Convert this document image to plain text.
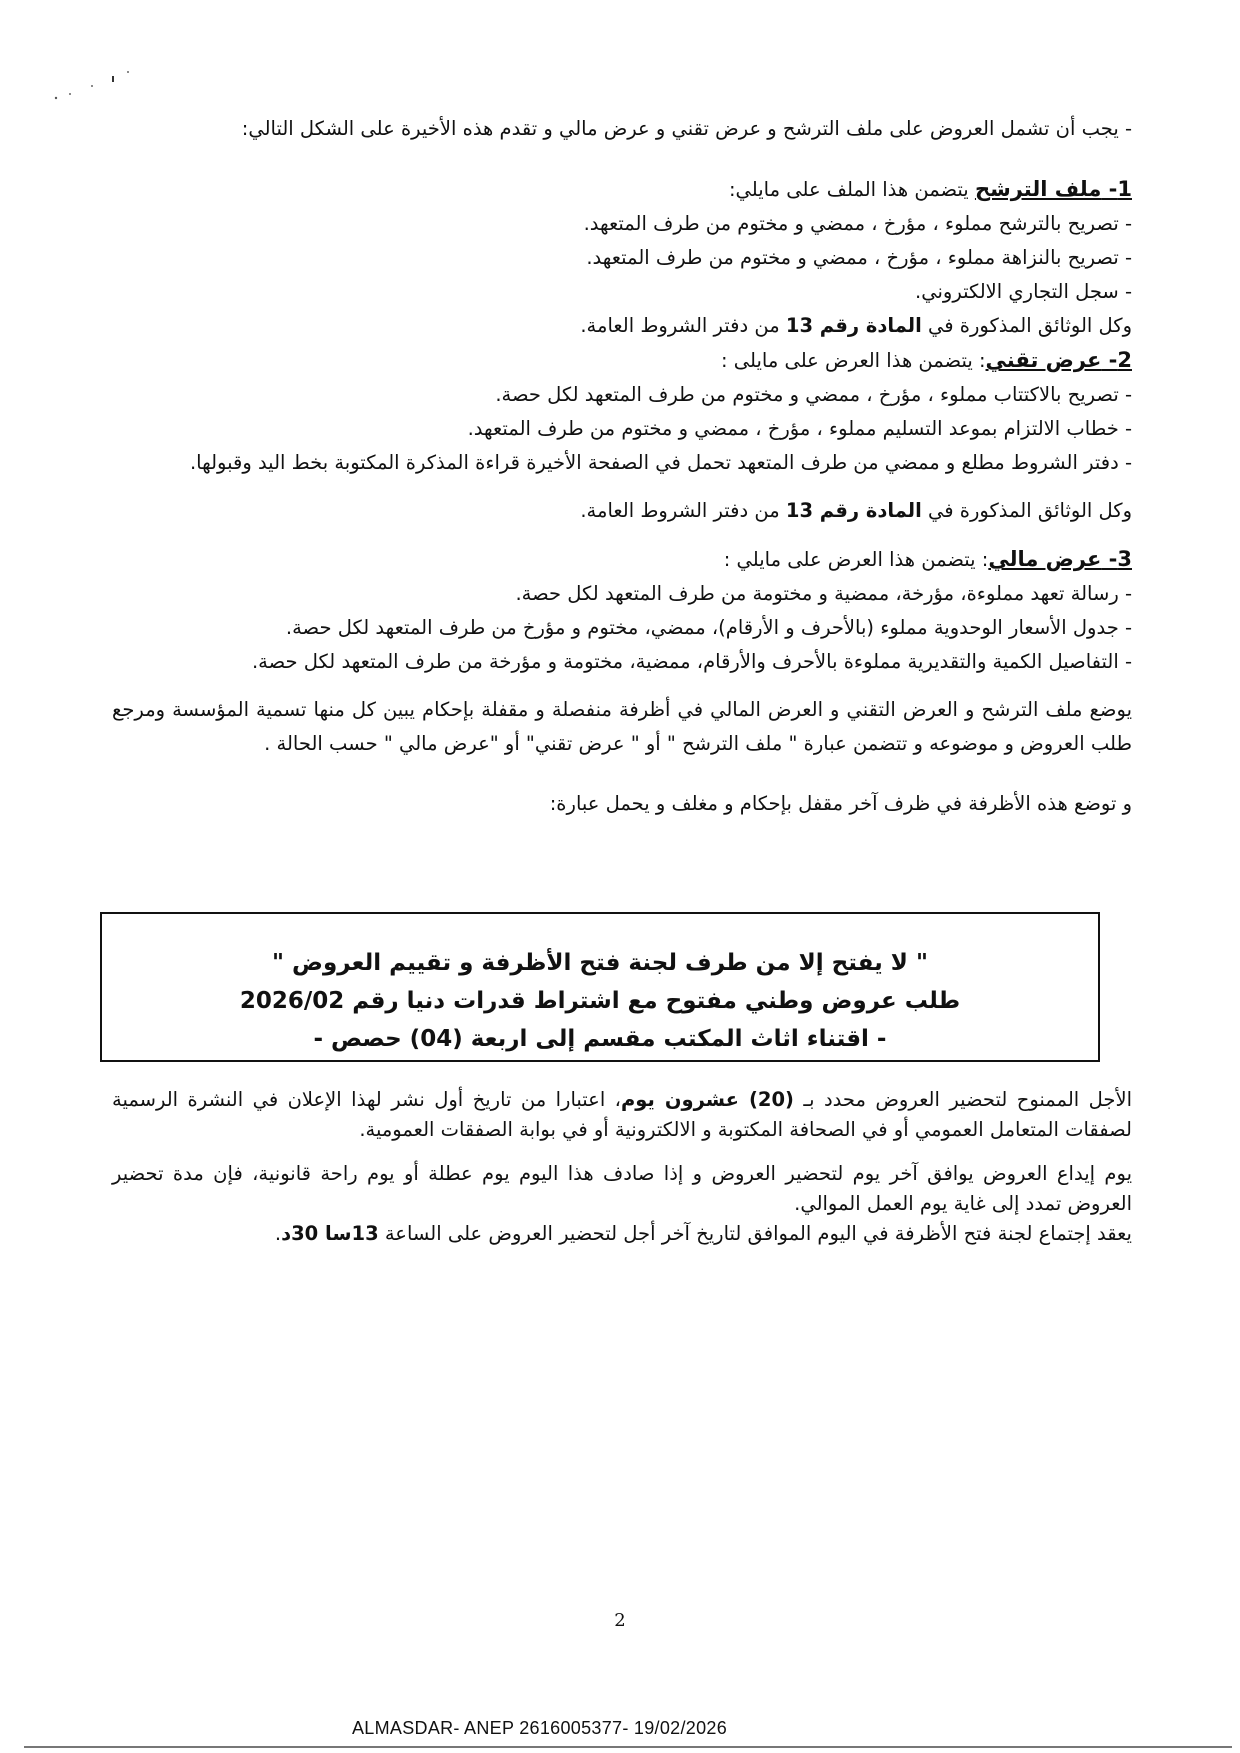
- يجب أن تشمل العروض على ملف الترشح و عرض تقني و عرض مالي و تقدم هذه الأخيرة على الشكل التالي:
1- ملف الترشح يتضمن هذا الملف على مايلي:
- تصريح بالترشح مملوء ، مؤرخ ، ممضي و مختوم من طرف المتعهد.
- تصريح بالنزاهة مملوء ، مؤرخ ، ممضي و مختوم من طرف المتعهد.
- سجل التجاري الالكتروني.
وكل الوثائق المذكورة في المادة رقم 13 من دفتر الشروط العامة.
2- عرض تقني: يتضمن هذا العرض على مايلى :
- تصريح بالاكتتاب مملوء ، مؤرخ ، ممضي و مختوم من طرف المتعهد لكل حصة.
- خطاب الالتزام بموعد التسليم مملوء ، مؤرخ ، ممضي و مختوم من طرف المتعهد.
- دفتر الشروط مطلع و ممضي من طرف المتعهد تحمل في الصفحة الأخيرة قراءة المذكرة المكتوبة بخط اليد وقبولها.
وكل الوثائق المذكورة في المادة رقم 13 من دفتر الشروط العامة.
3- عرض مالي: يتضمن هذا العرض على مايلي :
- رسالة تعهد مملوءة، مؤرخة، ممضية و مختومة من طرف المتعهد لكل حصة.
- جدول الأسعار الوحدوية مملوء (بالأحرف و الأرقام)، ممضي، مختوم و مؤرخ من طرف المتعهد لكل حصة.
- التفاصيل الكمية والتقديرية مملوءة بالأحرف والأرقام، ممضية، مختومة و مؤرخة من طرف المتعهد لكل حصة.
يوضع ملف الترشح و العرض التقني و العرض المالي في أظرفة منفصلة و مقفلة بإحكام يبين كل منها تسمية المؤسسة ومرجع طلب العروض و موضوعه و تتضمن عبارة " ملف الترشح " أو " عرض تقني" أو "عرض مالي " حسب الحالة .
و توضع هذه الأظرفة في ظرف آخر مقفل بإحكام و مغلف و يحمل عبارة:
" لا يفتح إلا من طرف لجنة فتح الأظرفة و تقييم العروض "
طلب عروض وطني مفتوح مع اشتراط قدرات دنيا رقم 2026/02
- اقتناء اثاث المكتب مقسم إلى اربعة (04) حصص -
الأجل الممنوح لتحضير العروض محدد بـ (20) عشرون يوم، اعتبارا من تاريخ أول نشر لهذا الإعلان في النشرة الرسمية لصفقات المتعامل العمومي أو في الصحافة المكتوبة و الالكترونية أو في بوابة الصفقات العمومية.
يوم إيداع العروض يوافق آخر يوم لتحضير العروض و إذا صادف هذا اليوم يوم عطلة أو يوم راحة قانونية، فإن مدة تحضير العروض تمدد إلى غاية يوم العمل الموالي.
يعقد إجتماع لجنة فتح الأظرفة في اليوم الموافق لتاريخ آخر أجل لتحضير العروض على الساعة 13سا 30د.
2
ALMASDAR- ANEP 2616005377- 19/02/2026
